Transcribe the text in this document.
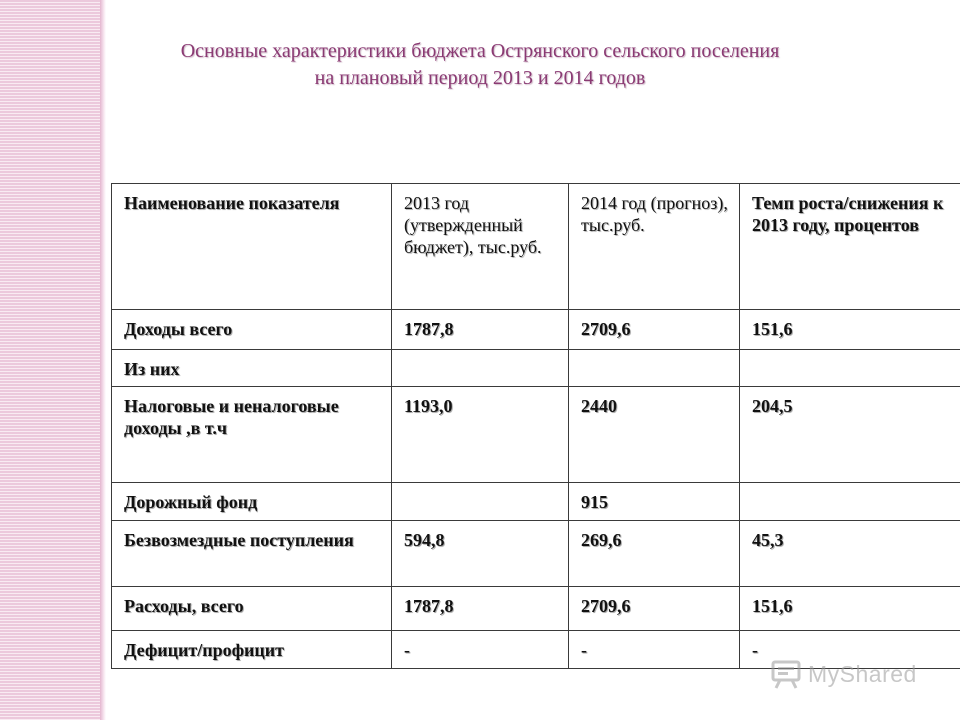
Основные характеристики бюджета Острянского сельского поселения
на плановый период 2013 и 2014 годов
Наименование показателя	2013 год (утвержденный бюджет), тыс.руб.	2014 год (прогноз), тыс.руб.	Темп роста/снижения к 2013 году, процентов
Доходы всего	1787,8	2709,6	151,6
Из них			
Налоговые и неналоговые доходы ,в т.ч	1193,0	2440	204,5
Дорожный фонд		915	
Безвозмездные поступления	594,8	269,6	45,3
Расходы, всего	1787,8	2709,6	151,6
Дефицит/профицит	-	-	-
MyShared
